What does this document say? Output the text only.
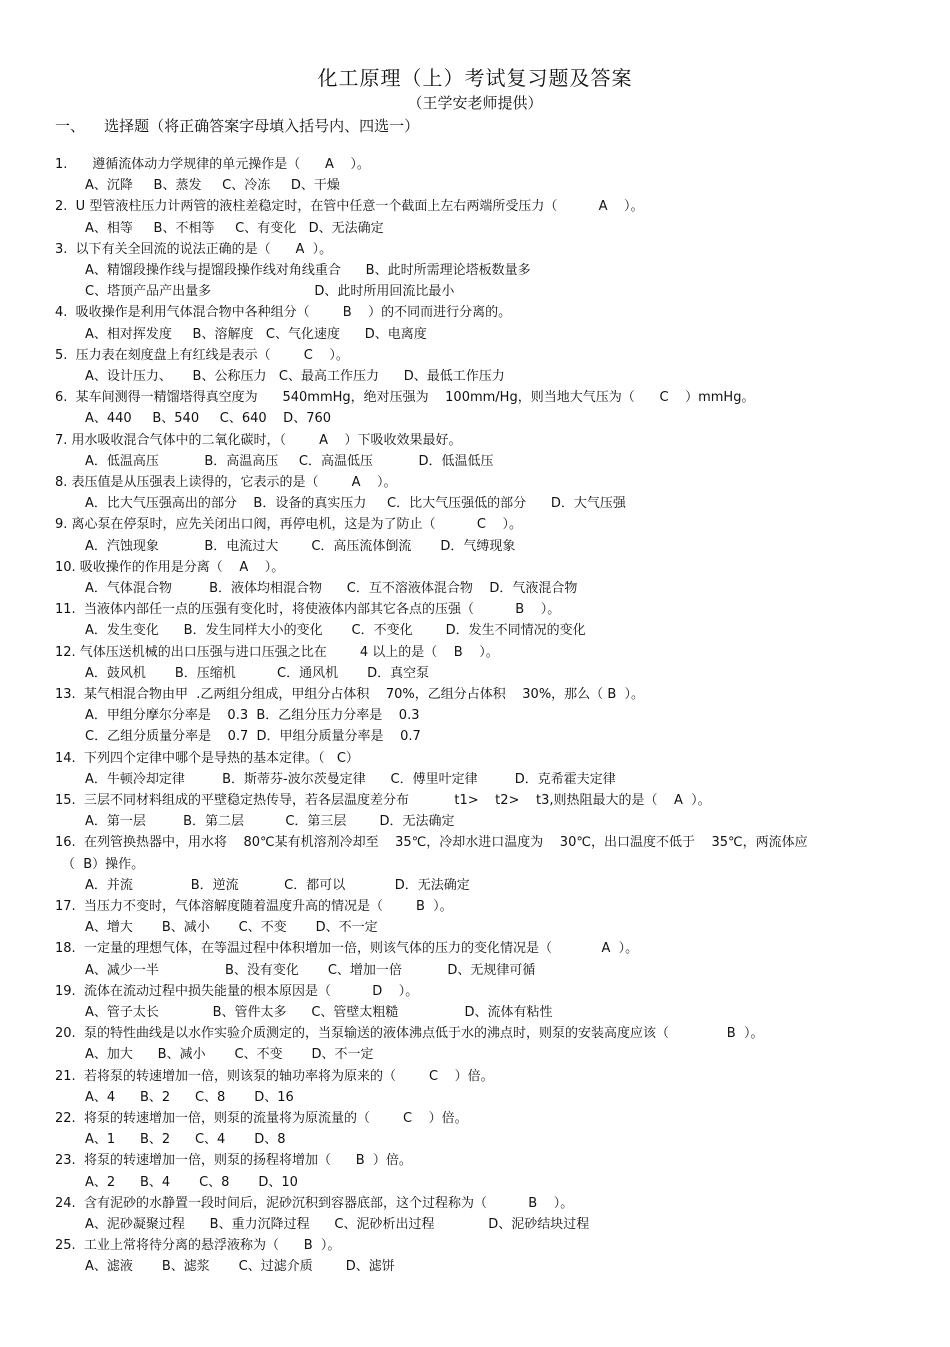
化工原理（上）考试复习题及答案
（王学安老师提供）
一、    选择题（将正确答案字母填入括号内、四选一）
1.      遵循流体动力学规律的单元操作是（      A    ）。
A、沉降     B、蒸发     C、冷冻     D、干燥
2.  U 型管液柱压力计两管的液柱差稳定时，在管中任意一个截面上左右两端所受压力（          A    ）。
A、相等     B、不相等     C、有变化   D、无法确定
3.  以下有关全回流的说法正确的是（      A  ）。
A、精馏段操作线与提馏段操作线对角线重合      B、此时所需理论塔板数量多
C、塔顶产品产出量多                         D、此时所用回流比最小
4.  吸收操作是利用气体混合物中各种组分（        B    ）的不同而进行分离的。
A、相对挥发度     B、溶解度   C、气化速度      D、电离度
5.  压力表在刻度盘上有红线是表示（        C    ）。
A、设计压力、     B、公称压力   C、最高工作压力      D、最低工作压力
6.  某车间测得一精馏塔得真空度为      540mmHg，绝对压强为    100mm/Hg，则当地大气压为（      C    ）mmHg。
A、440     B、540     C、640    D、760
7. 用水吸收混合气体中的二氧化碳时，（        A    ）下吸收效果最好。
A．低温高压           B．高温高压     C．高温低压           D．低温低压
8. 表压值是从压强表上读得的，它表示的是（        A    ）。
A．比大气压强高出的部分    B．设备的真实压力     C．比大气压强低的部分      D．大气压强
9. 离心泵在停泵时，应先关闭出口阀，再停电机，这是为了防止（          C    ）。
A．汽蚀现象           B．电流过大        C．高压流体倒流       D．气缚现象
10. 吸收操作的作用是分离（    A    ）。
A．气体混合物         B．液体均相混合物      C．互不溶液体混合物    D．气液混合物
11.  当液体内部任一点的压强有变化时，将使液体内部其它各点的压强（          B    ）。
A．发生变化      B．发生同样大小的变化       C．不变化        D．发生不同情况的变化
12. 气体压送机械的出口压强与进口压强之比在        4 以上的是（    B    ）。
A．鼓风机       B．压缩机          C．通风机       D．真空泵
13.  某气相混合物由甲  .乙两组分组成，甲组分占体积    70%，乙组分占体积    30%，那么（ B  ）。
A．甲组分摩尔分率是    0.3  B．乙组分压力分率是    0.3
C．乙组分质量分率是    0.7  D．甲组分质量分率是    0.7
14.  下列四个定律中哪个是导热的基本定律。（   C）
A．牛顿冷却定律         B．斯蒂芬-波尔茨曼定律      C．傅里叶定律         D．克希霍夫定律
15.  三层不同材料组成的平壁稳定热传导，若各层温度差分布           t1>    t2>    t3,则热阻最大的是（    A  ）。
A．第一层         B．第二层          C．第三层        D．无法确定
16.  在列管换热器中，用水将    80℃某有机溶剂冷却至    35℃，冷却水进口温度为    30℃，出口温度不低于    35℃，两流体应
（  B）操作。
A．并流              B．逆流           C．都可以            D．无法确定
17.  当压力不变时，气体溶解度随着温度升高的情况是（        B  ）。
A、增大       B、减小       C、不变       D、不一定
18.  一定量的理想气体，在等温过程中体积增加一倍，则该气体的压力的变化情况是（            A  ）。
A、减少一半                B、没有变化       C、增加一倍           D、无规律可循
19.  流体在流动过程中损失能量的根本原因是（          D    ）。
A、管子太长             B、管件太多      C、管壁太粗糙                D、流体有粘性
20.  泵的特性曲线是以水作实验介质测定的，当泵输送的液体沸点低于水的沸点时，则泵的安装高度应该（              B  ）。
A、加大      B、减小       C、不变       D、不一定
21.  若将泵的转速增加一倍，则该泵的轴功率将为原来的（        C    ）倍。
A、4      B、2      C、8       D、16
22.  将泵的转速增加一倍，则泵的流量将为原流量的（        C    ）倍。
A、1      B、2      C、4       D、8
23.  将泵的转速增加一倍，则泵的扬程将增加（      B  ）倍。
A、2      B、4       C、8       D、10
24.  含有泥砂的水静置一段时间后，泥砂沉积到容器底部，这个过程称为（          B    ）。
A、泥砂凝聚过程      B、重力沉降过程      C、泥砂析出过程             D、泥砂结块过程
25.  工业上常将待分离的悬浮液称为（      B  ）。
A、滤液       B、滤浆       C、过滤介质        D、滤饼
